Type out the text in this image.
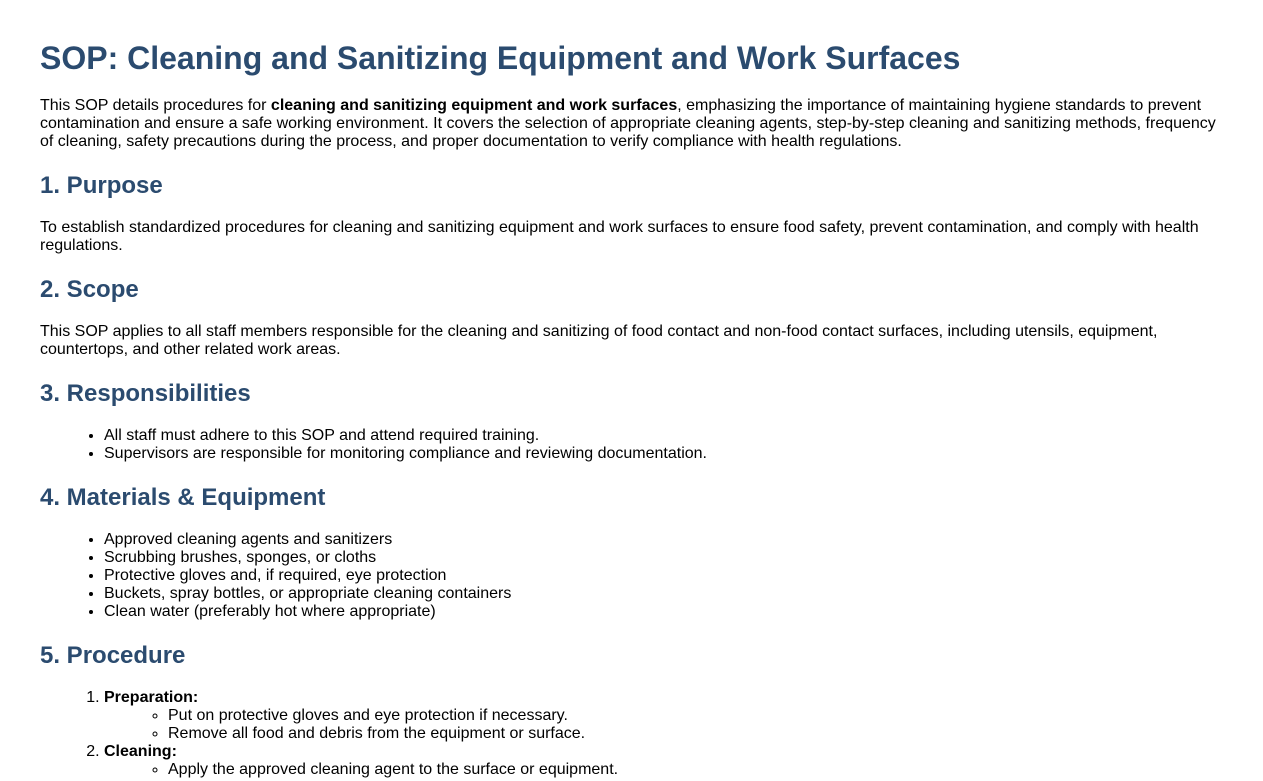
SOP: Cleaning and Sanitizing Equipment and Work Surfaces

This SOP details procedures for cleaning and sanitizing equipment and work surfaces, emphasizing the importance of maintaining hygiene standards to prevent contamination and ensure a safe working environment. It covers the selection of appropriate cleaning agents, step-by-step cleaning and sanitizing methods, frequency of cleaning, safety precautions during the process, and proper documentation to verify compliance with health regulations.

1. Purpose

To establish standardized procedures for cleaning and sanitizing equipment and work surfaces to ensure food safety, prevent contamination, and comply with health regulations.

2. Scope

This SOP applies to all staff members responsible for the cleaning and sanitizing of food contact and non-food contact surfaces, including utensils, equipment, countertops, and other related work areas.

3. Responsibilities
• All staff must adhere to this SOP and attend required training.
• Supervisors are responsible for monitoring compliance and reviewing documentation.
4. Materials & Equipment
• Approved cleaning agents and sanitizers
• Scrubbing brushes, sponges, or cloths
• Protective gloves and, if required, eye protection
• Buckets, spray bottles, or appropriate cleaning containers
• Clean water (preferably hot where appropriate)
5. Procedure
1. Preparation:
◦ Put on protective gloves and eye protection if necessary.
◦ Remove all food and debris from the equipment or surface.
2. Cleaning:
◦ Apply the approved cleaning agent to the surface or equipment.
